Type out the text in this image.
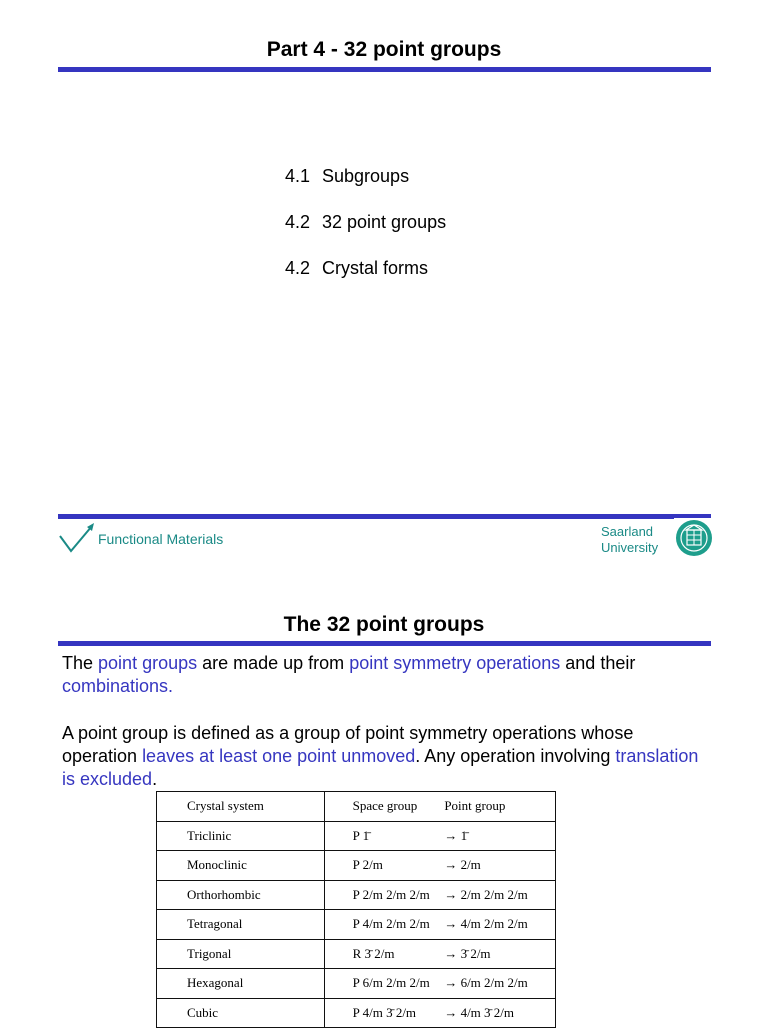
Part 4 - 32 point groups
4.1 Subgroups
4.2 32 point groups
4.2 Crystal forms
Functional Materials	Saarland
University
The 32 point groups
The point groups are made up from point symmetry operations and their
combinations.
A point group is defined as a group of point symmetry operations whose operation leaves at least one point unmoved. Any operation involving translation is excluded.
Crystal system	Space group	Point group
Triclinic	P 1̄	→ 1̄
Monoclinic	P 2/m	→ 2/m
Orthorhombic	P 2/m 2/m 2/m	→ 2/m 2/m 2/m
Tetragonal	P 4/m 2/m 2/m	→ 4/m 2/m 2/m
Trigonal	R 3̄ 2/m	→ 3̄ 2/m
Hexagonal	P 6/m 2/m 2/m	→ 6/m 2/m 2/m
Cubic	P 4/m 3̄ 2/m	→ 4/m 3̄ 2/m
